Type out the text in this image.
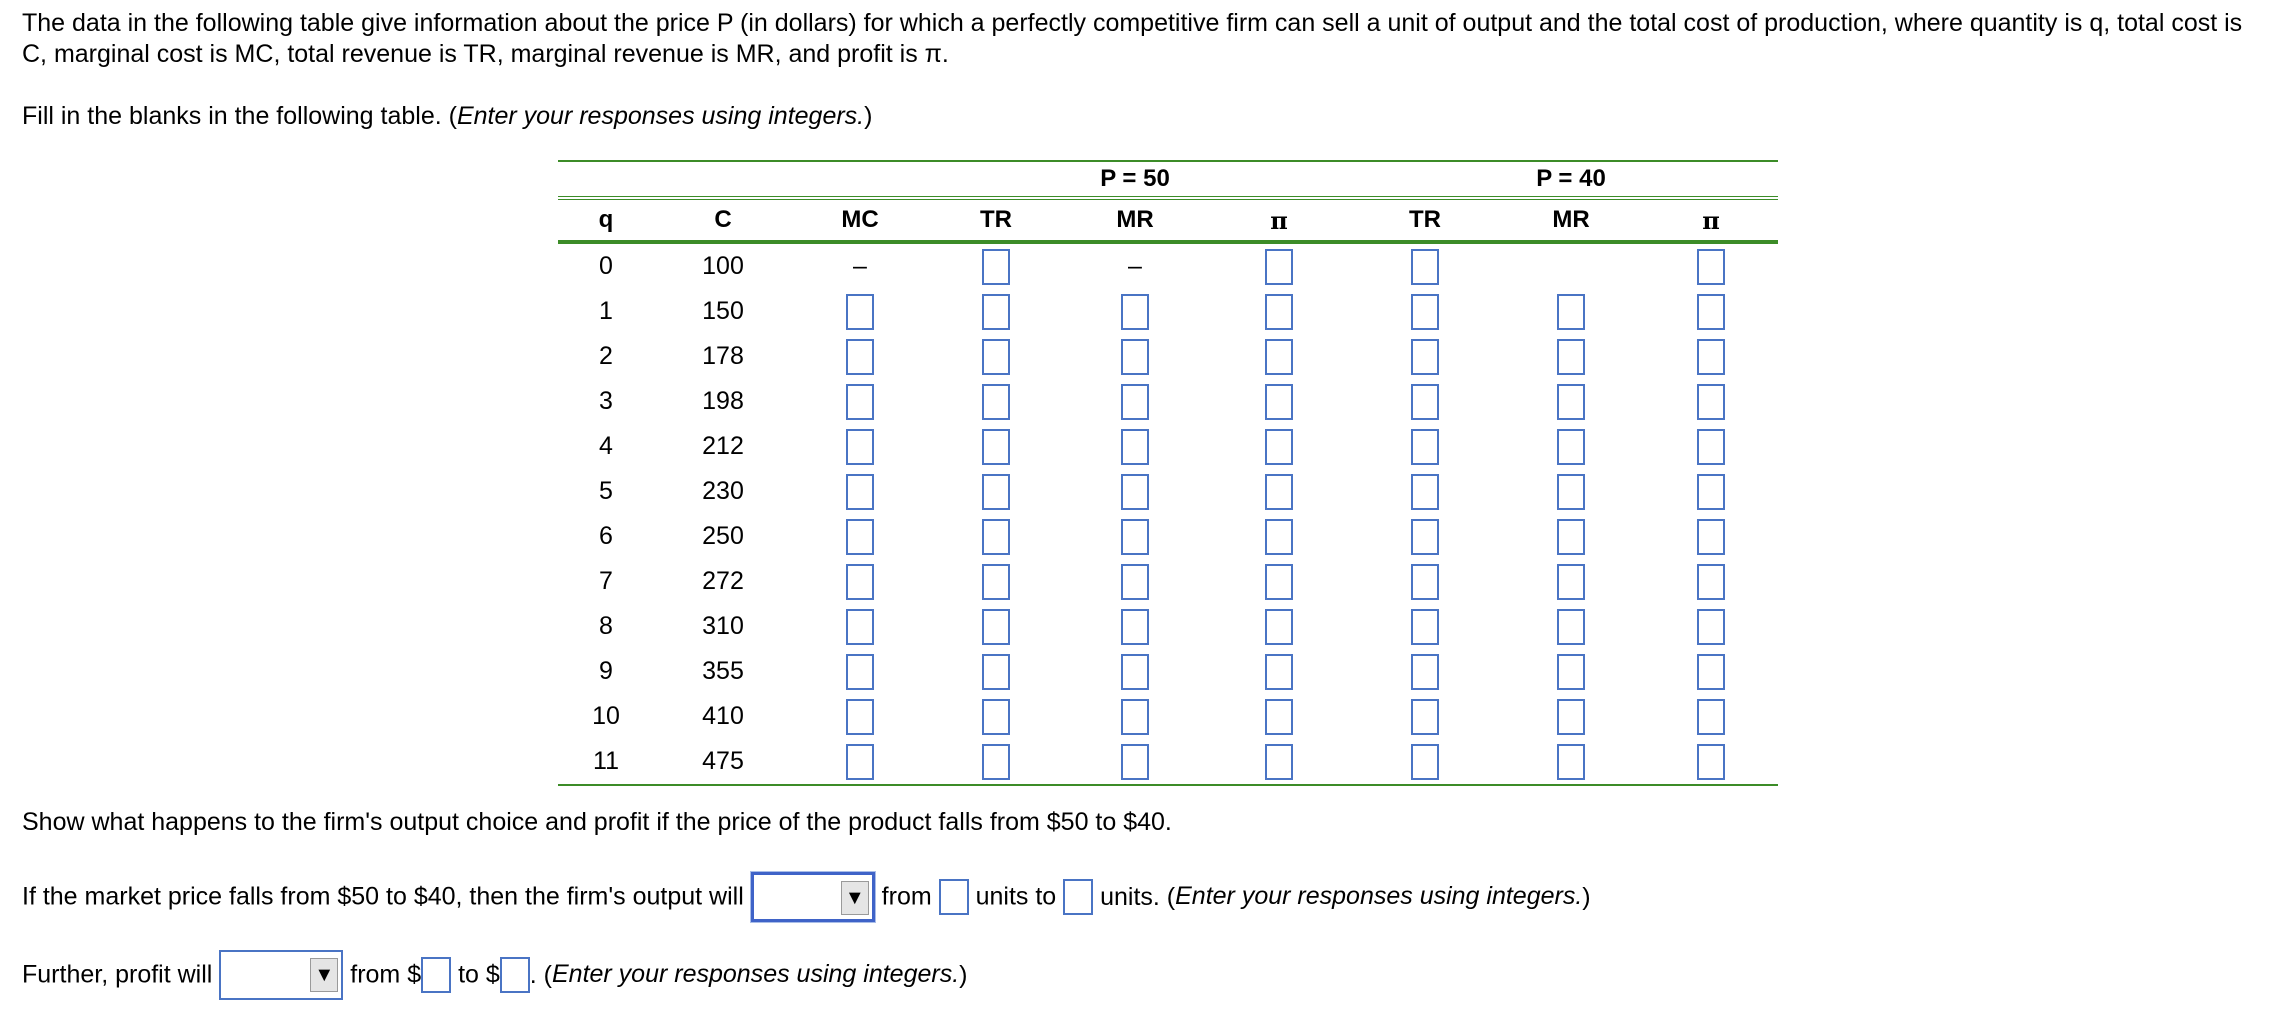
The data in the following table give information about the price P (in dollars) for which a perfectly competitive firm can sell a unit of output and the total cost of production, where quantity is q, total cost is C, marginal cost is MC, total revenue is TR, marginal revenue is MR, and profit is π.

Fill in the blanks in the following table. (Enter your responses using integers.)

				P = 50			P = 40	
q	C	MC	TR	MR	π	TR	MR	π
0	100	–		–				
1	150							
2	178							
3	198							
4	212							
5	230							
6	250							
7	272							
8	310							
9	355							
10	410							
11	475							

Show what happens to the firm's output choice and profit if the price of the product falls from $50 to $40.

If the market price falls from $50 to $40, then the firm's output will	▼ from units to units. (Enter your responses using integers.)
Further, profit will	▼ from $ to $ . (Enter your responses using integers.)
